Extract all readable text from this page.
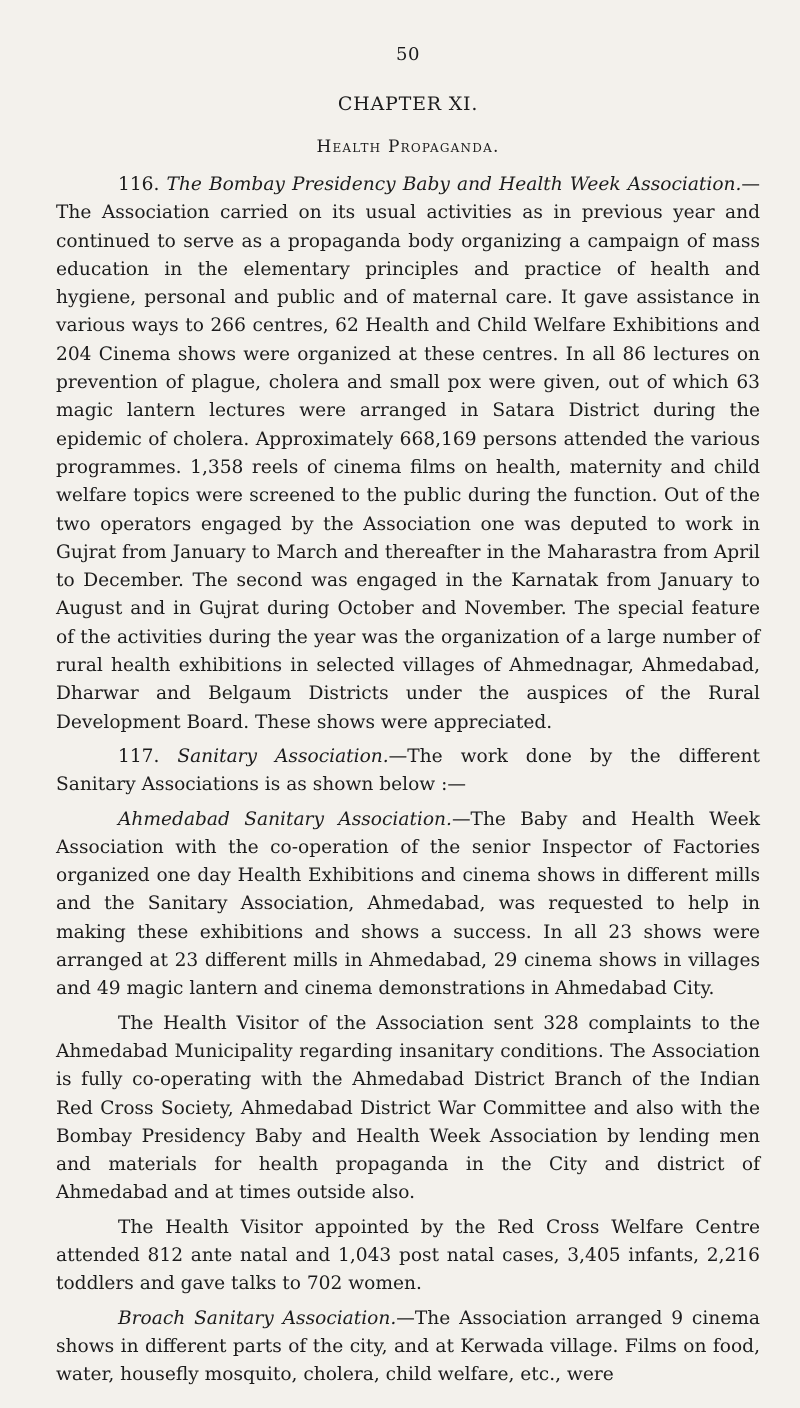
50
CHAPTER XI.
Health Propaganda.

116. The Bombay Presidency Baby and Health Week Association.—The Association carried on its usual activities as in previous year and continued to serve as a propaganda body organizing a campaign of mass education in the elementary principles and practice of health and hygiene, personal and public and of maternal care. It gave assistance in various ways to 266 centres, 62 Health and Child Welfare Exhibitions and 204 Cinema shows were organized at these centres. In all 86 lectures on prevention of plague, cholera and small pox were given, out of which 63 magic lantern lectures were arranged in Satara District during the epidemic of cholera. Approximately 668,169 persons attended the various programmes. 1,358 reels of cinema films on health, maternity and child welfare topics were screened to the public during the function. Out of the two operators engaged by the Association one was deputed to work in Gujrat from January to March and thereafter in the Maharastra from April to December. The second was engaged in the Karnatak from January to August and in Gujrat during October and November. The special feature of the activities during the year was the organization of a large number of rural health exhibitions in selected villages of Ahmednagar, Ahmedabad, Dharwar and Belgaum Districts under the auspices of the Rural Development Board. These shows were appreciated.

117. Sanitary Association.—The work done by the different Sanitary Associations is as shown below :—

Ahmedabad Sanitary Association.—The Baby and Health Week Association with the co-operation of the senior Inspector of Factories organized one day Health Exhibitions and cinema shows in different mills and the Sanitary Association, Ahmedabad, was requested to help in making these exhibitions and shows a success. In all 23 shows were arranged at 23 different mills in Ahmedabad, 29 cinema shows in villages and 49 magic lantern and cinema demonstrations in Ahmedabad City.

The Health Visitor of the Association sent 328 complaints to the Ahmedabad Municipality regarding insanitary conditions. The Association is fully co-operating with the Ahmedabad District Branch of the Indian Red Cross Society, Ahmedabad District War Committee and also with the Bombay Presidency Baby and Health Week Association by lending men and materials for health propaganda in the City and district of Ahmedabad and at times outside also.

The Health Visitor appointed by the Red Cross Welfare Centre attended 812 ante natal and 1,043 post natal cases, 3,405 infants, 2,216 toddlers and gave talks to 702 women.

Broach Sanitary Association.—The Association arranged 9 cinema shows in different parts of the city, and at Kerwada village. Films on food, water, housefly mosquito, cholera, child welfare, etc., were
